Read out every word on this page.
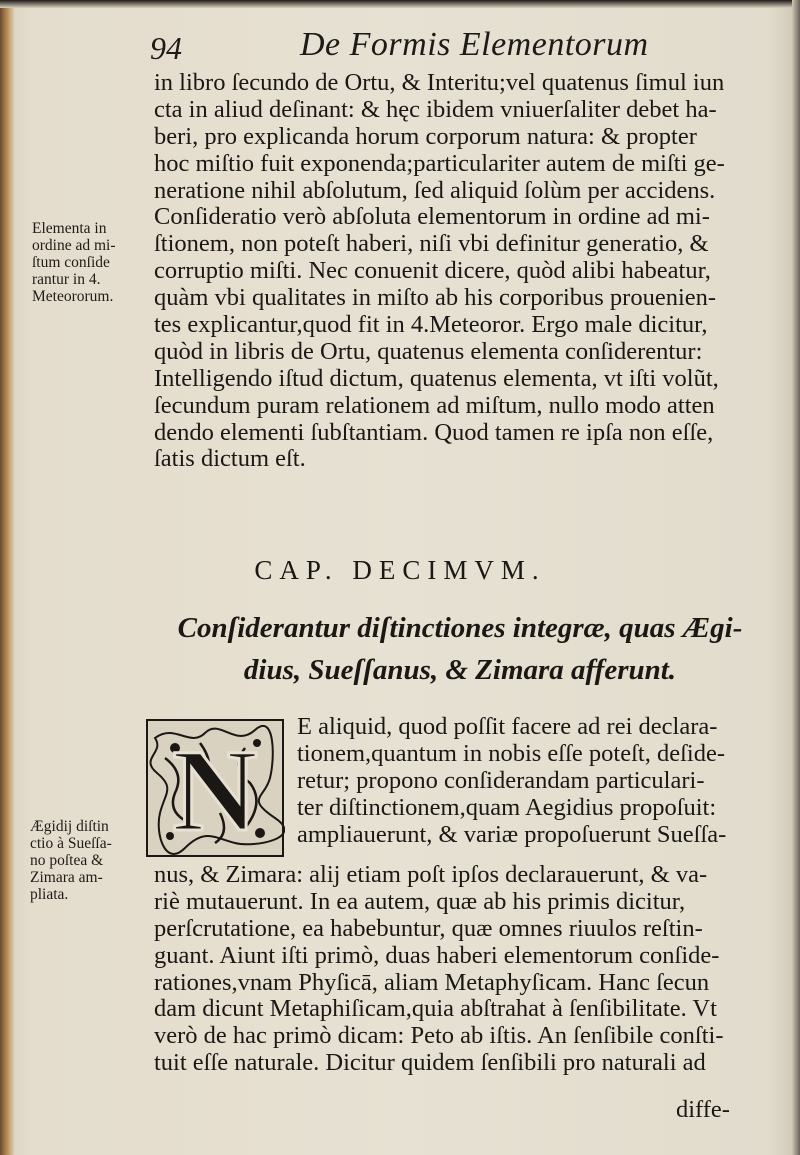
94	De Formis Elementorum
in libro ſecundo de Ortu, & Interitu;vel quatenus ſimul iun
cta in aliud deſinant: & hęc ibidem vniuerſaliter debet ha-
beri, pro explicanda horum corporum natura: & propter
hoc miſtio fuit exponenda;particulariter autem de miſti ge-
neratione nihil abſolutum, ſed aliquid ſolùm per accidens.
Conſideratio verò abſoluta elementorum in ordine ad mi-
ſtionem, non poteſt haberi, niſi vbi definitur generatio, &
corruptio miſti. Nec conuenit dicere, quòd alibi habeatur,
quàm vbi qualitates in miſto ab his corporibus prouenien-
tes explicantur,quod fit in 4.Meteoror. Ergo male dicitur,
quòd in libris de Ortu, quatenus elementa conſiderentur:
Intelligendo iſtud dictum, quatenus elementa, vt iſti volũt,
ſecundum puram relationem ad miſtum, nullo modo atten
dendo elementi ſubſtantiam. Quod tamen re ipſa non eſſe,
ſatis dictum eſt.
Elementa in
ordine ad mi-
ſtum conſide
rantur in 4.
Meteororum.
CAP. DECIMVM.
Conſiderantur diſtinctiones integræ, quas Ægi-
dius, Sueſſanus, & Zimara afferunt.
N E aliquid, quod poſſit facere ad rei declara-
tionem,quantum in nobis eſſe poteſt, deſide-
retur; propono conſiderandam particulari-
ter diſtinctionem,quam Aegidius propoſuit:
ampliauerunt, & variæ propoſuerunt Sueſſa-
nus, & Zimara: alij etiam poſt ipſos declarauerunt, & va-
riè mutauerunt. In ea autem, quæ ab his primis dicitur,
perſcrutatione, ea habebuntur, quæ omnes riuulos reſtin-
guant. Aiunt iſti primò, duas haberi elementorum conſide-
rationes,vnam Phyſicā, aliam Metaphyſicam. Hanc ſecun
dam dicunt Metaphiſicam,quia abſtrahat à ſenſibilitate. Vt
verò de hac primò dicam: Peto ab iſtis. An ſenſibile conſti-
tuit eſſe naturale. Dicitur quidem ſenſibili pro naturali ad
Ægidij diſtin
ctio à Sueſſa-
no poſtea &
Zimara am-
pliata.
diffe-
